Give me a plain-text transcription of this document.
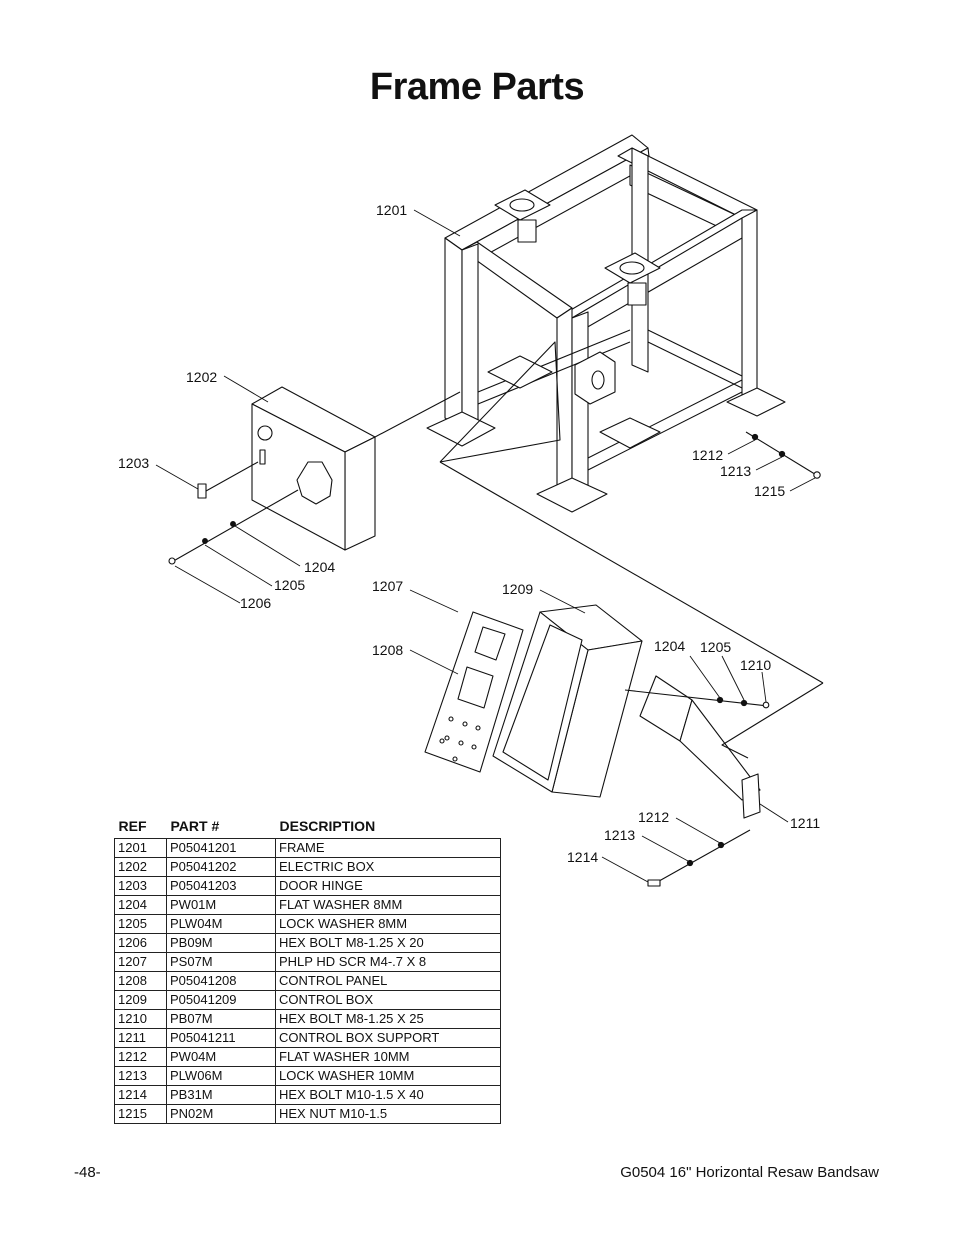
Frame Parts
1201
1202
1203
1204
1205
1206
1207
1208
1209
1204 1205
1210
1211
1212
1213
1215
1212
1213
1214
REF	PART #	DESCRIPTION
1201	P05041201	FRAME
1202	P05041202	ELECTRIC BOX
1203	P05041203	DOOR HINGE
1204	PW01M	FLAT WASHER 8MM
1205	PLW04M	LOCK WASHER 8MM
1206	PB09M	HEX BOLT M8-1.25 X 20
1207	PS07M	PHLP HD SCR M4-.7 X 8
1208	P05041208	CONTROL PANEL
1209	P05041209	CONTROL BOX
1210	PB07M	HEX BOLT M8-1.25 X 25
1211	P05041211	CONTROL BOX SUPPORT
1212	PW04M	FLAT WASHER 10MM
1213	PLW06M	LOCK WASHER 10MM
1214	PB31M	HEX BOLT M10-1.5 X 40
1215	PN02M	HEX NUT M10-1.5
-48-	G0504 16" Horizontal Resaw Bandsaw
